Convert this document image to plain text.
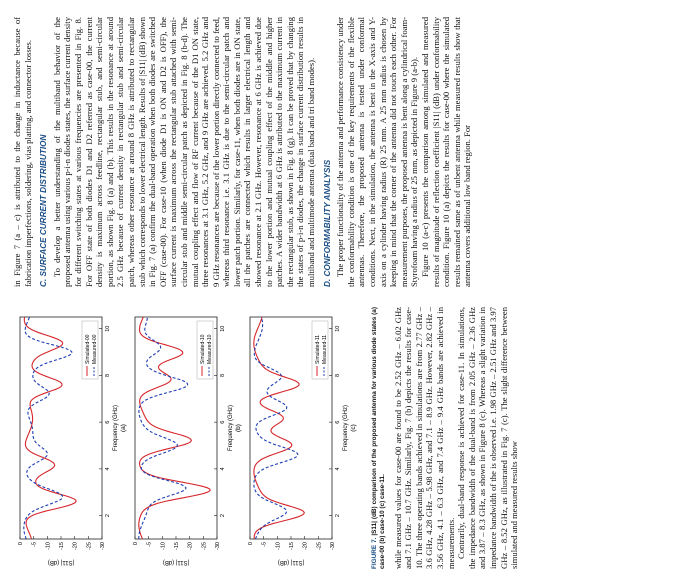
0 -5 -10 -15 -20 -25 -30
2
4
6
8
10
|S11| (dB)
Frequency (GHz) (a)
Simulated-00 Measured-00
0 -5 -10 -15 -20 -25 -30
2
4
6
8
10
|S11| (dB)
Frequency (GHz) (b)
Simulated-10 Measured-10
0 -5 -10 -15 -20 -25 -30
2
4
6
8
10
|S11| (dB)
Frequency (GHz) (c)
Simulated-11 Measured-11
FIGURE 7. |S11| (dB) comparison of the proposed antenna for various diode states (a) case-00 (b) case-10 (c) case-11. while measured values for case-00 are found to be 2.52 GHz – 6.02 GHz and 7.1 GHz – 10.7 GHz. Similarly, Fig. 7 (b) depicts the results for case-10. The three operating bands achieved in simulations are from 2.77 GHz – 3.6 GHz, 4.28 GHz – 5.98 GHz, and 7.1 – 8.9 GHz. However, 2.82 GHz – 3.56 GHz, 4.1 – 6.3 GHz, and 7.4 GHz – 9.4 GHz bands are achieved in measurements. Contrarily, dual-band response is achieved for case-11. In simulations, the impedance bandwidth of the dual-band is from 2.05 GHz – 2.36 GHz and 3.87 – 8.3 GHz, as shown in Figure 8 (c). Whereas a slight variation in impedance bandwidth of the is observed i.e. 1.98 GHz – 2.51 GHz and 3.97 GHz – 8.52 GHz, as illustrated in Fig. 7 (c). The slight difference between simulated and measured results show

in Figure 7 (a – c) is attributed to the change in inductance because of fabrication imperfections, soldering, vias platting, and connector losses. C. SURFACE CURRENT DISTRIBUTION To develop a better understanding of the multiband behavior of the proposed antenna using various p-i-n diodes states, the surface current density for different switching states at various frequencies are presented in Fig. 8. For OFF state of both diodes D1 and D2 referred as case-00, the current density is maximum across feedline, rectangular stub, and semi-circular portion, as shown Fig. 8 (a) and (b). This results in the resonance at around 2.5 GHz because of current density in rectangular stub and semi-circular patch, whereas other resonance at around 8 GHz is attributed to rectangular stub which corresponds to lower electrical length. Results of |S11| (dB) shown in Fig. 7 (a) confirm the dual-band operation when both diodes are switched OFF (case-00). For case-10 (when diode D1 is ON and D2 is OFF), the surface current is maximum across the rectangular stub attached with semi-circular stub and middle semi-circular patch as depicted in Fig. 8 (b-d). The mutual coupling effect and flow of RF current because of the D1 ON state, three resonances at 3.1 GHz, 5.2 GHz, and 9 GHz are achieved. 5.2 GHz and 9 GHz resonances are because of the lower portion directly connected to feed, whereas third resonance i.e. 3.1 GHz is due to the semi-circular patch and lower patch portion. Similarly, for case-11, when both diodes are in ON state, all the patches are connected which results in larger electrical length and showed resonance at 2.1 GHz. However, resonance at 6 GHz is achieved due to the lower portion and mutual coupling effect of the middle and higher patches. A wider bandwidth at 6 GHz is attributed to the maximum current in the rectangular stub, as shown in Fig. 8 (g). It can be proved that by changing the states of p-i-n diodes, the change in surface current distribution results in multiband and multimode antenna (dual band and tri band modes). D. CONFORMABILITY ANALYSIS The proper functionality of the antenna and performance consistency under the conformability condition is one of the key requirements of the flexible antennas. Therefore, the proposed antenna is tested under conformal conditions. Next, in the simulation, the antenna is bent in the X-axis and Y-axis on a cylinder having radius (R) 25 mm. A 25 mm radius is chosen by keeping in mind that the corner of the antenna did not touch each other. For measurement purposes, the proposed antenna is bent along a cylindrical foam-Styrofoam having a radius of 25 mm, as depicted in Figure 9 (a-b). Figure 10 (a-c) presents the comparison among simulated and measured results of magnitude of reflection coefficient |S11| (dB) under conformability condition. Figure 10 (a) depicts the results for case-00 where the simulated results remained same as of unbent antenna while measured results show that antenna covers additional low band region. For
